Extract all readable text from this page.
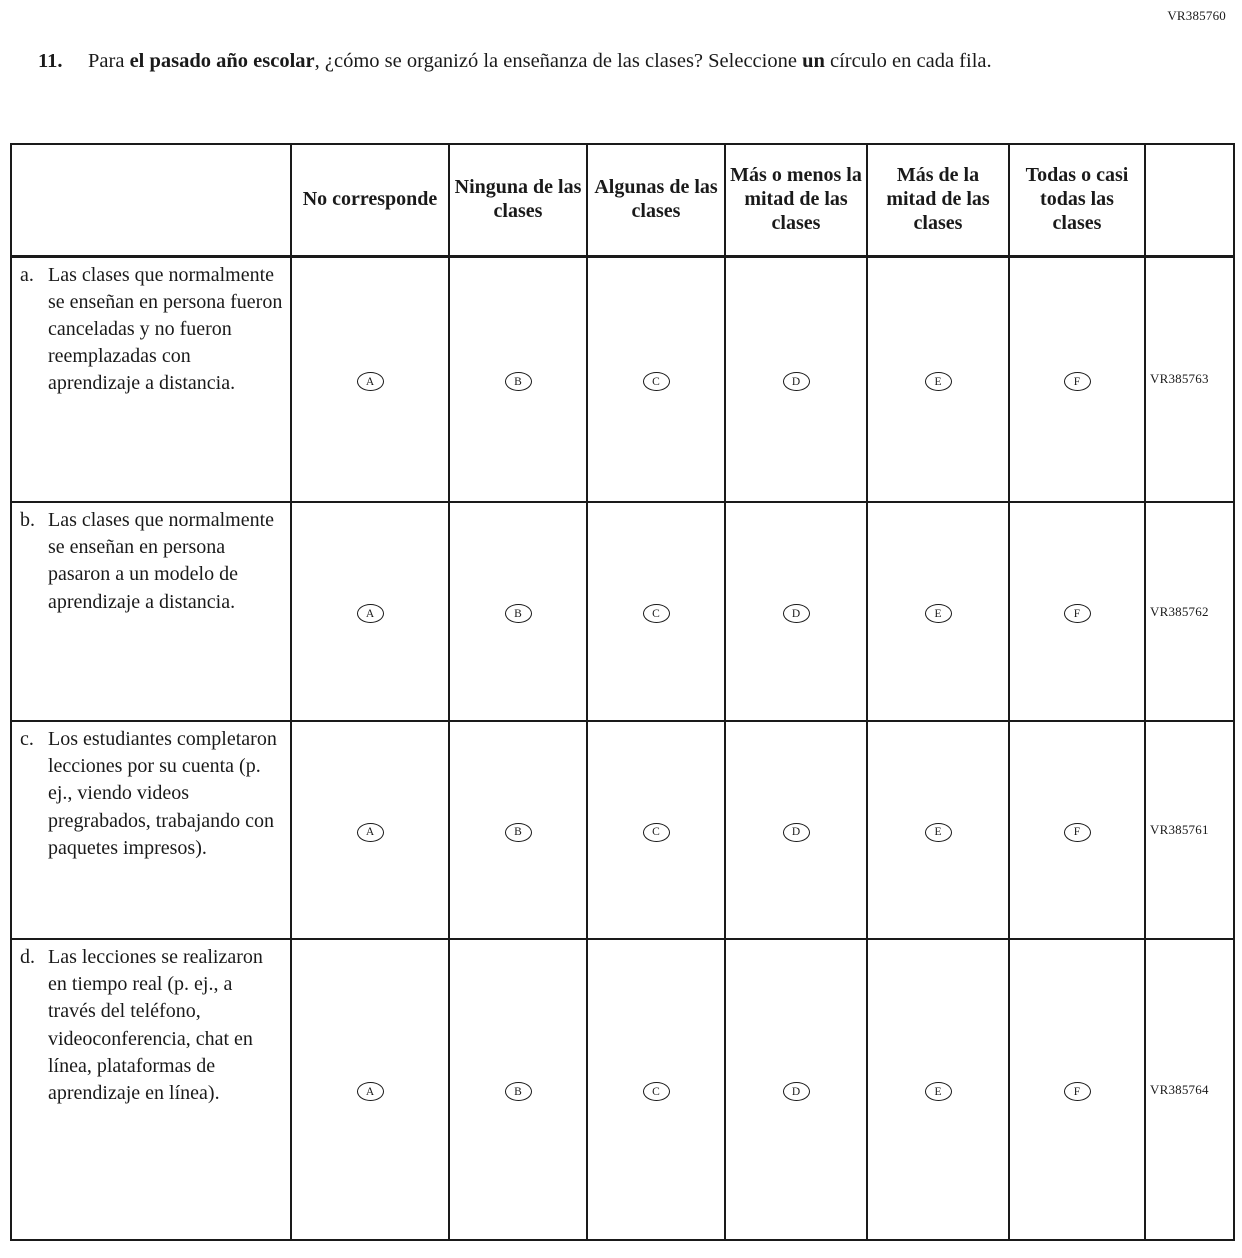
VR385760
11.	Para el pasado año escolar, ¿cómo se organizó la enseñanza de las clases? Seleccione un círculo en cada fila.
	No corresponde	Ninguna de las clases	Algunas de las clases	Más o menos la mitad de las clases	Más de la mitad de las clases	Todas o casi todas las clases	

a. Las clases que normalmente se enseñan en persona fueron canceladas y no fueron reemplazadas con aprendizaje a distancia.	A	B	C	D	E	F	VR385763

b. Las clases que normalmente se enseñan en persona pasaron a un modelo de aprendizaje a distancia.	A	B	C	D	E	F	VR385762

c. Los estudiantes completaron lecciones por su cuenta (p. ej., viendo videos pregrabados, trabajando con paquetes impresos).	A	B	C	D	E	F	VR385761

d. Las lecciones se realizaron en tiempo real (p. ej., a través del teléfono, videoconferencia, chat en línea, plataformas de aprendizaje en línea).	A	B	C	D	E	F	VR385764
